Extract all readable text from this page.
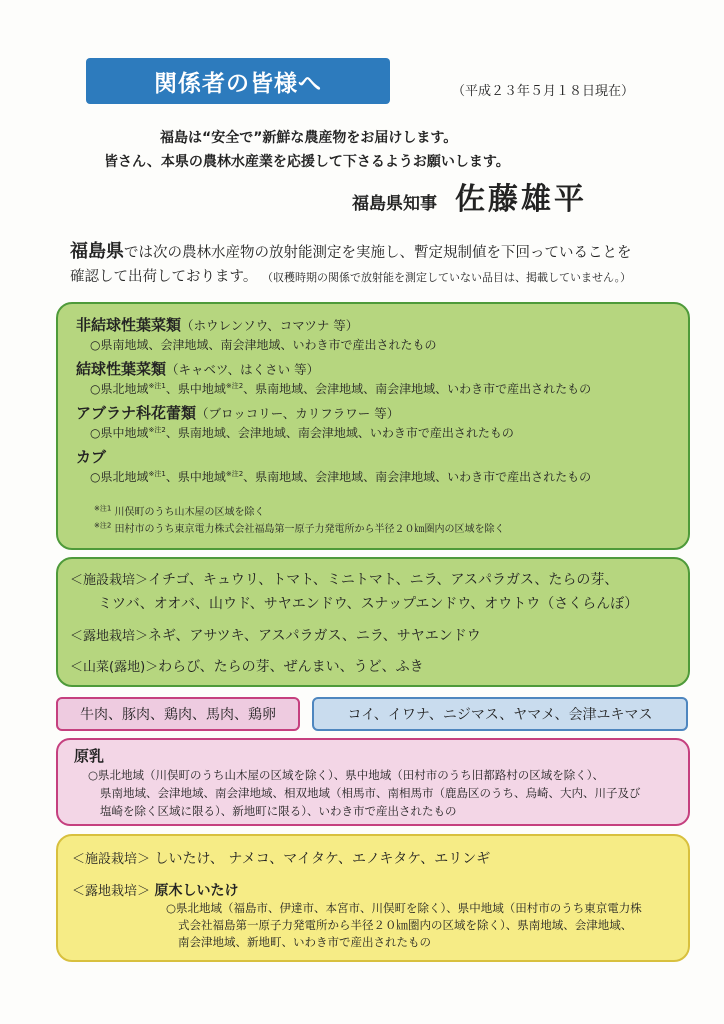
関係者の皆様へ	（平成２３年５月１８日現在）
福島は“安全で”新鮮な農産物をお届けします。
皆さん、本県の農林水産業を応援して下さるようお願いします。
福島県知事 佐藤雄平
福島県では次の農林水産物の放射能測定を実施し、暫定規制値を下回っていることを
確認して出荷しております。 （収穫時期の関係で放射能を測定していない品目は、掲載していません。）
非結球性葉菜類（ホウレンソウ、コマツナ 等）
○県南地域、会津地域、南会津地域、いわき市で産出されたもの
結球性葉菜類（キャベツ、はくさい 等）
○県北地域$^{※注1}$、県中地域$^{※注2}$、県南地域、会津地域、南会津地域、いわき市で産出されたもの
アブラナ科花蕾類（ブロッコリー、カリフラワー 等）
○県中地域$^{※注2}$、県南地域、会津地域、南会津地域、いわき市で産出されたもの
カブ
○県北地域$^{※注1}$、県中地域$^{※注2}$、県南地域、会津地域、南会津地域、いわき市で産出されたもの
$^{※注1}$ 川俣町のうち山木屋の区域を除く
$^{※注2}$ 田村市のうち東京電力株式会社福島第一原子力発電所から半径２０㎞圏内の区域を除く
＜施設栽培＞イチゴ、キュウリ、トマト、ミニトマト、ニラ、アスパラガス、たらの芽、
ミツバ、オオバ、山ウド、サヤエンドウ、スナップエンドウ、オウトウ（さくらんぼ）
＜露地栽培＞ネギ、アサツキ、アスパラガス、ニラ、サヤエンドウ
＜山菜(露地)＞わらび、たらの芽、ぜんまい、うど、ふき
牛肉、豚肉、鶏肉、馬肉、鶏卵	コイ、イワナ、ニジマス、ヤマメ、会津ユキマス
原乳
○県北地域（川俣町のうち山木屋の区域を除く）、県中地域（田村市のうち旧都路村の区域を除く）、
県南地域、会津地域、南会津地域、相双地域（相馬市、南相馬市（鹿島区のうち、烏崎、大内、川子及び
塩崎を除く区域に限る）、新地町に限る）、いわき市で産出されたもの
＜施設栽培＞ しいたけ、 ナメコ、マイタケ、エノキタケ、エリンギ
＜露地栽培＞ 原木しいたけ
○県北地域（福島市、伊達市、本宮市、川俣町を除く）、県中地域（田村市のうち東京電力株
式会社福島第一原子力発電所から半径２０㎞圏内の区域を除く）、県南地域、会津地域、
南会津地域、新地町、いわき市で産出されたもの
